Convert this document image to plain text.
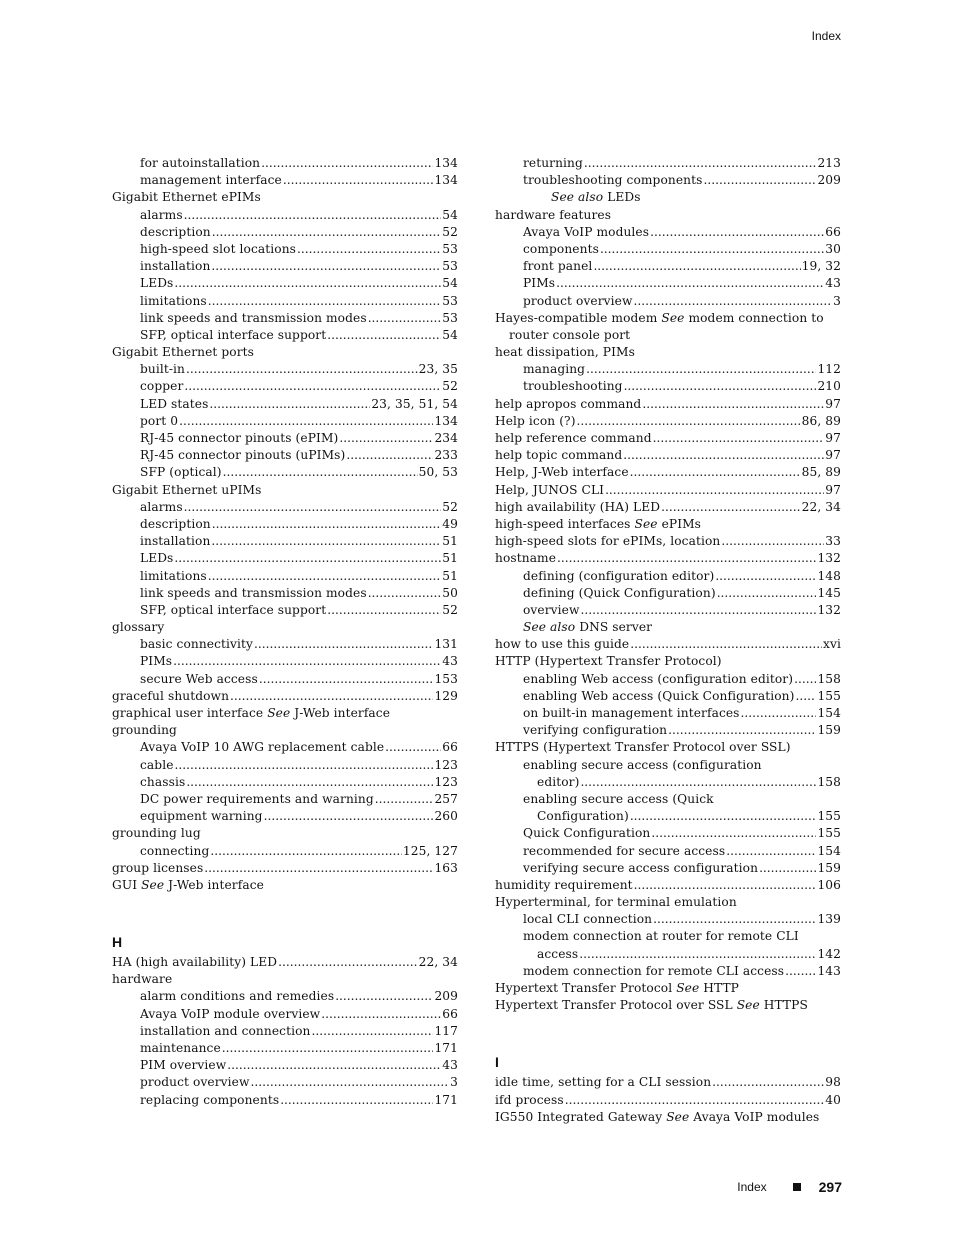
Index
for autoinstallation .....	134
management interface .....	134
Gigabit Ethernet ePIMs
alarms .....	54
description .....	52
high-speed slot locations .....	53
installation .....	53
LEDs .....	54
limitations .....	53
link speeds and transmission modes .....	53
SFP, optical interface support .....	54
Gigabit Ethernet ports
built-in .....	23, 35
copper .....	52
LED states .....	23, 35, 51, 54
port 0 .....	134
RJ-45 connector pinouts (ePIM) .....	234
RJ-45 connector pinouts (uPIMs) .....	233
SFP (optical) .....	50, 53
Gigabit Ethernet uPIMs
alarms .....	52
description .....	49
installation .....	51
LEDs .....	51
limitations .....	51
link speeds and transmission modes .....	50
SFP, optical interface support .....	52
glossary
basic connectivity .....	131
PIMs .....	43
secure Web access .....	153
graceful shutdown .....	129
graphical user interface See J-Web interface
grounding
Avaya VoIP 10 AWG replacement cable .....	66
cable .....	123
chassis .....	123
DC power requirements and warning .....	257
equipment warning .....	260
grounding lug
connecting .....	125, 127
group licenses .....	163
GUI See J-Web interface
H
HA (high availability) LED .....	22, 34
hardware
alarm conditions and remedies .....	209
Avaya VoIP module overview .....	66
installation and connection .....	117
maintenance .....	171
PIM overview .....	43
product overview .....	3
replacing components .....	171
returning .....	213
troubleshooting components .....	209
See also LEDs
hardware features
Avaya VoIP modules .....	66
components .....	30
front panel .....	19, 32
PIMs .....	43
product overview .....	3
Hayes-compatible modem See modem connection to
router console port
heat dissipation, PIMs
managing .....	112
troubleshooting .....	210
help apropos command .....	97
Help icon (?) .....	86, 89
help reference command .....	97
help topic command .....	97
Help, J-Web interface .....	85, 89
Help, JUNOS CLI .....	97
high availability (HA) LED .....	22, 34
high-speed interfaces See ePIMs
high-speed slots for ePIMs, location .....	33
hostname .....	132
defining (configuration editor) .....	148
defining (Quick Configuration) .....	145
overview .....	132
See also DNS server
how to use this guide .....	xvi
HTTP (Hypertext Transfer Protocol)
enabling Web access (configuration editor) ..... 158
enabling Web access (Quick Configuration) ..... 155
on built-in management interfaces .....	154
verifying configuration .....	159
HTTPS (Hypertext Transfer Protocol over SSL)
enabling secure access (configuration
editor) .....	158
enabling secure access (Quick
Configuration) .....	155
Quick Configuration .....	155
recommended for secure access .....	154
verifying secure access configuration .....	159
humidity requirement .....	106
Hyperterminal, for terminal emulation
local CLI connection .....	139
modem connection at router for remote CLI
access .....	142
modem connection for remote CLI access .....	143
Hypertext Transfer Protocol See HTTP
Hypertext Transfer Protocol over SSL See HTTPS
I
idle time, setting for a CLI session .....	98
ifd process .....	40
IG550 Integrated Gateway See Avaya VoIP modules
Index	297
